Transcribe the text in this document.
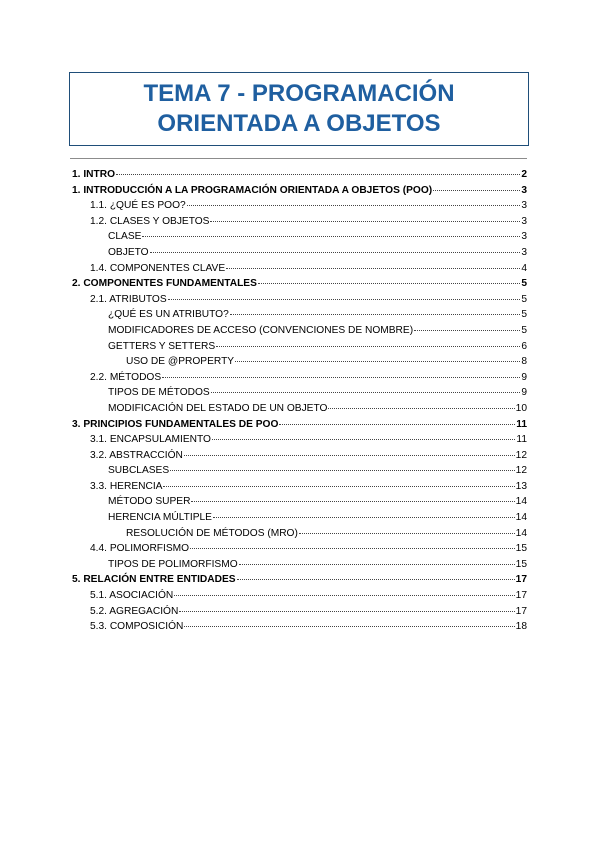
TEMA 7 - PROGRAMACIÓN
ORIENTADA A OBJETOS
1. INTRO	2
1. INTRODUCCIÓN A LA PROGRAMACIÓN ORIENTADA A OBJETOS (POO)	3
1.1. ¿QUÉ ES POO?	3
1.2. CLASES Y OBJETOS	3
CLASE	3
OBJETO	3
1.4. COMPONENTES CLAVE	4
2. COMPONENTES FUNDAMENTALES	5
2.1. ATRIBUTOS	5
¿QUÉ ES UN ATRIBUTO?	5
MODIFICADORES DE ACCESO (CONVENCIONES DE NOMBRE)	5
GETTERS Y SETTERS	6
USO DE @PROPERTY	8
2.2. MÉTODOS	9
TIPOS DE MÉTODOS	9
MODIFICACIÓN DEL ESTADO DE UN OBJETO	10
3. PRINCIPIOS FUNDAMENTALES DE POO	11
3.1. ENCAPSULAMIENTO	11
3.2. ABSTRACCIÓN	12
SUBCLASES	12
3.3. HERENCIA	13
MÉTODO SUPER	14
HERENCIA MÚLTIPLE	14
RESOLUCIÓN DE MÉTODOS (MRO)	14
4.4. POLIMORFISMO	15
TIPOS DE POLIMORFISMO	15
5. RELACIÓN ENTRE ENTIDADES	17
5.1. ASOCIACIÓN	17
5.2. AGREGACIÓN	17
5.3. COMPOSICIÓN	18
